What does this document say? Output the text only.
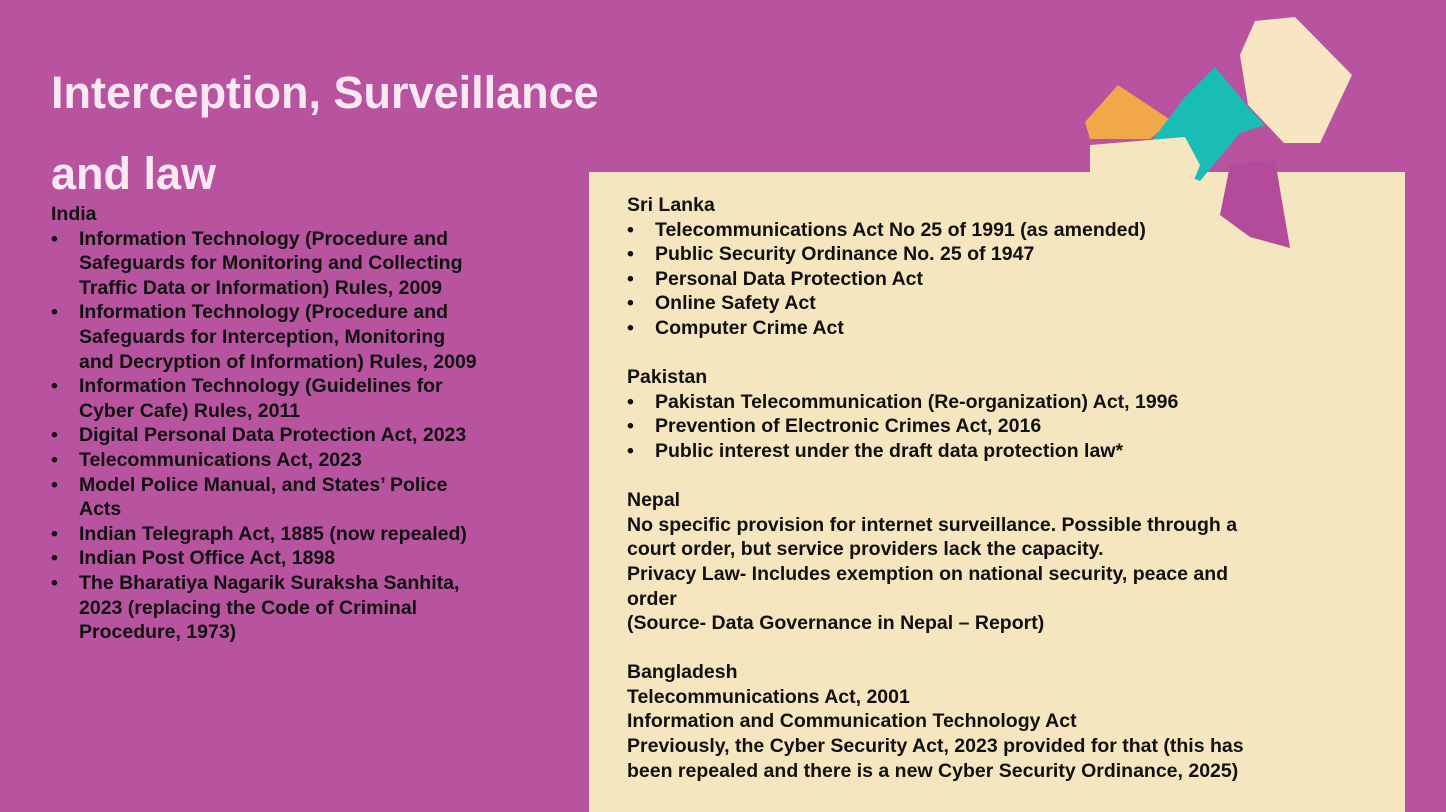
Interception, Surveillance
and law
India
• Information Technology (Procedure and Safeguards for Monitoring and Collecting Traffic Data or Information) Rules, 2009
• Information Technology (Procedure and Safeguards for Interception, Monitoring and Decryption of Information) Rules, 2009
• Information Technology (Guidelines for Cyber Cafe) Rules, 2011
• Digital Personal Data Protection Act, 2023
• Telecommunications Act, 2023
• Model Police Manual, and States’ Police Acts
• Indian Telegraph Act, 1885 (now repealed)
• Indian Post Office Act, 1898
• The Bharatiya Nagarik Suraksha Sanhita, 2023 (replacing the Code of Criminal Procedure, 1973)
Sri Lanka
• Telecommunications Act No 25 of 1991 (as amended)
• Public Security Ordinance No. 25 of 1947
• Personal Data Protection Act
• Online Safety Act
• Computer Crime Act
Pakistan
• Pakistan Telecommunication (Re-organization) Act, 1996
• Prevention of Electronic Crimes Act, 2016
• Public interest under the draft data protection law*
Nepal
No specific provision for internet surveillance. Possible through a court order, but service providers lack the capacity.
Privacy Law- Includes exemption on national security, peace and order
(Source- Data Governance in Nepal – Report)
Bangladesh
Telecommunications Act, 2001
Information and Communication Technology Act
Previously, the Cyber Security Act, 2023 provided for that (this has been repealed and there is a new Cyber Security Ordinance, 2025)
